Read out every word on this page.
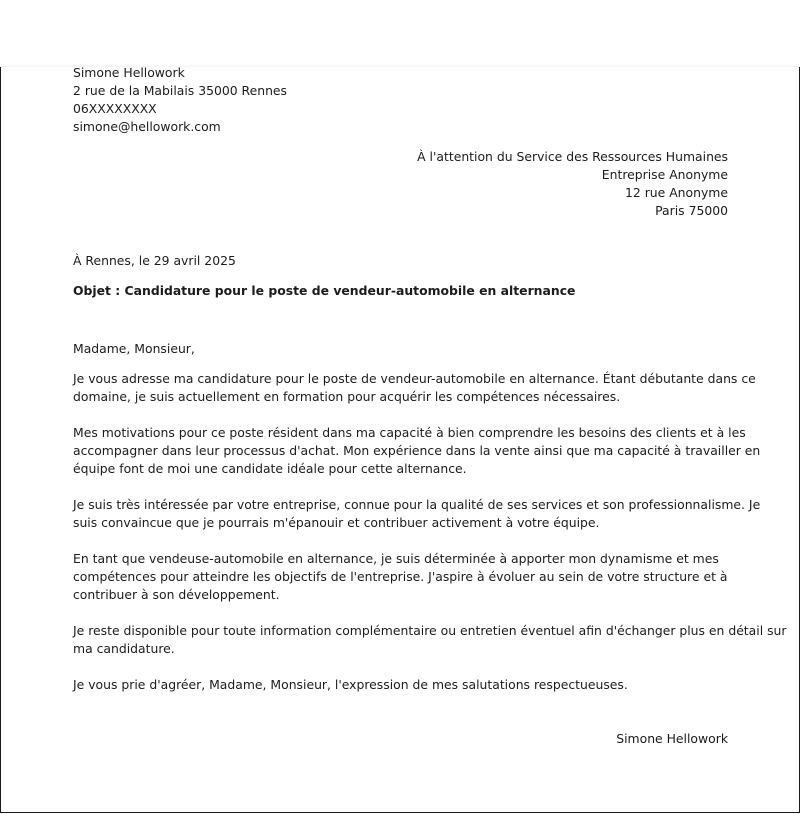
Simone Hellowork
2 rue de la Mabilais 35000 Rennes
06XXXXXXXX
simone@hellowork.com
À l'attention du Service des Ressources Humaines
Entreprise Anonyme
12 rue Anonyme
Paris 75000
À Rennes, le 29 avril 2025
Objet : Candidature pour le poste de vendeur-automobile en alternance
Madame, Monsieur,
Je vous adresse ma candidature pour le poste de vendeur-automobile en alternance. Étant débutante dans ce
domaine, je suis actuellement en formation pour acquérir les compétences nécessaires.
Mes motivations pour ce poste résident dans ma capacité à bien comprendre les besoins des clients et à les
accompagner dans leur processus d'achat. Mon expérience dans la vente ainsi que ma capacité à travailler en
équipe font de moi une candidate idéale pour cette alternance.
Je suis très intéressée par votre entreprise, connue pour la qualité de ses services et son professionnalisme. Je
suis convaincue que je pourrais m'épanouir et contribuer activement à votre équipe.
En tant que vendeuse-automobile en alternance, je suis déterminée à apporter mon dynamisme et mes
compétences pour atteindre les objectifs de l'entreprise. J'aspire à évoluer au sein de votre structure et à
contribuer à son développement.
Je reste disponible pour toute information complémentaire ou entretien éventuel afin d'échanger plus en détail sur
ma candidature.
Je vous prie d'agréer, Madame, Monsieur, l'expression de mes salutations respectueuses.
Simone Hellowork
